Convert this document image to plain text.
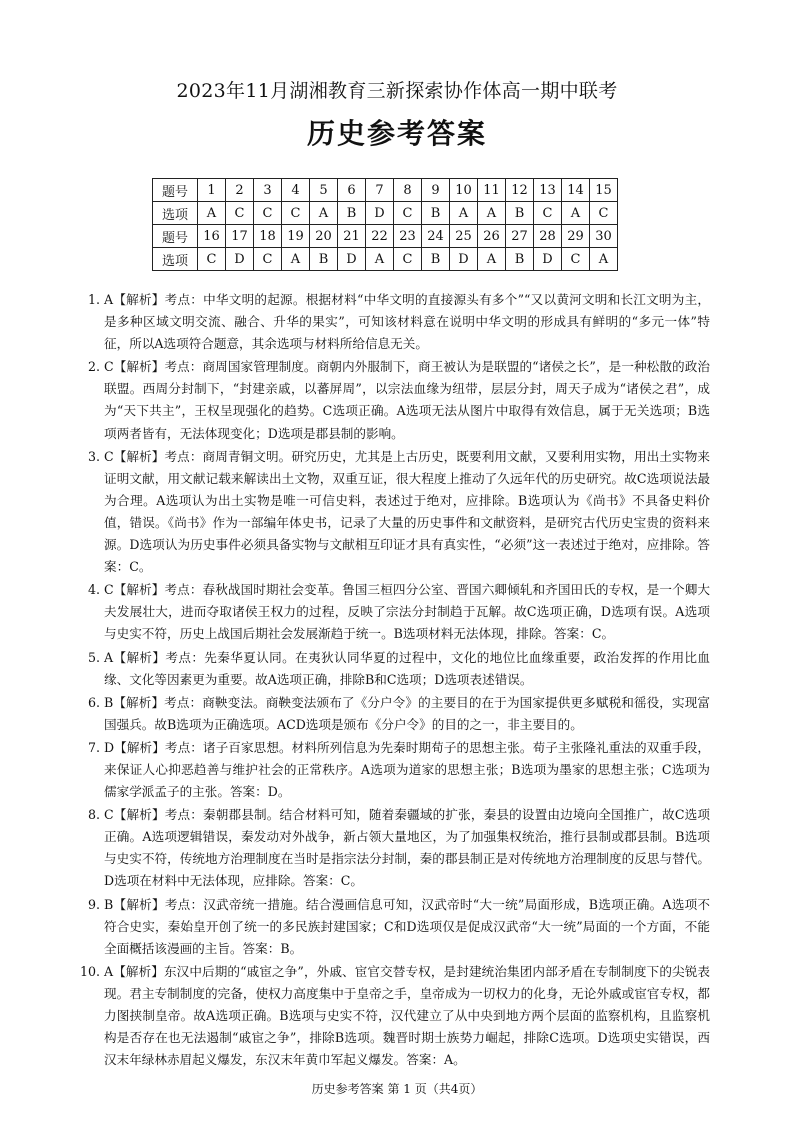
2023年11月湖湘教育三新探索协作体高一期中联考
历史参考答案
题号	1	2	3	4	5	6	7	8	9	10	11	12	13	14	15
选项	A	C	C	C	A	B	D	C	B	A	A	B	C	A	C
题号	16	17	18	19	20	21	22	23	24	25	26	27	28	29	30
选项	C	D	C	A	B	D	A	C	B	D	A	B	D	C	A
1. A【解析】考点：中华文明的起源。根据材料“中华文明的直接源头有多个”“又以黄河文明和长江文明为主，是多种区域文明交流、融合、升华的果实”，可知该材料意在说明中华文明的形成具有鲜明的“多元一体”特征，所以A选项符合题意，其余选项与材料所给信息无关。
2. C【解析】考点：商周国家管理制度。商朝内外服制下，商王被认为是联盟的“诸侯之长”，是一种松散的政治联盟。西周分封制下，“封建亲戚，以蕃屏周”，以宗法血缘为纽带，层层分封，周天子成为“诸侯之君”，成为“天下共主”，王权呈现强化的趋势。C选项正确。A选项无法从图片中取得有效信息，属于无关选项；B选项两者皆有，无法体现变化；D选项是郡县制的影响。
3. C【解析】考点：商周青铜文明。研究历史，尤其是上古历史，既要利用文献，又要利用实物，用出土实物来证明文献，用文献记载来解读出土文物，双重互证，很大程度上推动了久远年代的历史研究。故C选项说法最为合理。A选项认为出土实物是唯一可信史料，表述过于绝对，应排除。B选项认为《尚书》不具备史料价值，错误。《尚书》作为一部编年体史书，记录了大量的历史事件和文献资料，是研究古代历史宝贵的资料来源。D选项认为历史事件必须具备实物与文献相互印证才具有真实性，“必须”这一表述过于绝对，应排除。答案：C。
4. C【解析】考点：春秋战国时期社会变革。鲁国三桓四分公室、晋国六卿倾轧和齐国田氏的专权，是一个卿大夫发展壮大，进而夺取诸侯王权力的过程，反映了宗法分封制趋于瓦解。故C选项正确，D选项有误。A选项与史实不符，历史上战国后期社会发展渐趋于统一。B选项材料无法体现，排除。答案：C。
5. A【解析】考点：先秦华夏认同。在夷狄认同华夏的过程中，文化的地位比血缘重要，政治发挥的作用比血缘、文化等因素更为重要。故A选项正确，排除B和C选项；D选项表述错误。
6. B【解析】考点：商鞅变法。商鞅变法颁布了《分户令》的主要目的在于为国家提供更多赋税和徭役，实现富国强兵。故B选项为正确选项。ACD选项是颁布《分户令》的目的之一，非主要目的。
7. D【解析】考点：诸子百家思想。材料所列信息为先秦时期荀子的思想主张。荀子主张隆礼重法的双重手段，来保证人心抑恶趋善与维护社会的正常秩序。A选项为道家的思想主张；B选项为墨家的思想主张；C选项为儒家学派孟子的主张。答案：D。
8. C【解析】考点：秦朝郡县制。结合材料可知，随着秦疆域的扩张，秦县的设置由边境向全国推广，故C选项正确。A选项逻辑错误，秦发动对外战争，新占领大量地区，为了加强集权统治，推行县制或郡县制。B选项与史实不符，传统地方治理制度在当时是指宗法分封制，秦的郡县制正是对传统地方治理制度的反思与替代。D选项在材料中无法体现，应排除。答案：C。
9. B【解析】考点：汉武帝统一措施。结合漫画信息可知，汉武帝时“大一统”局面形成，B选项正确。A选项不符合史实，秦始皇开创了统一的多民族封建国家；C和D选项仅是促成汉武帝“大一统”局面的一个方面，不能全面概括该漫画的主旨。答案：B。
10. A【解析】东汉中后期的“戚宦之争”，外戚、宦官交替专权，是封建统治集团内部矛盾在专制制度下的尖锐表现。君主专制制度的完备，使权力高度集中于皇帝之手，皇帝成为一切权力的化身，无论外戚或宦官专权，都力图挟制皇帝。故A选项正确。B选项与史实不符，汉代建立了从中央到地方两个层面的监察机构，且监察机构是否存在也无法遏制“戚宦之争”，排除B选项。魏晋时期士族势力崛起，排除C选项。D选项史实错误，西汉末年绿林赤眉起义爆发，东汉末年黄巾军起义爆发。答案：A。
历史参考答案 第 1 页（共4页）
